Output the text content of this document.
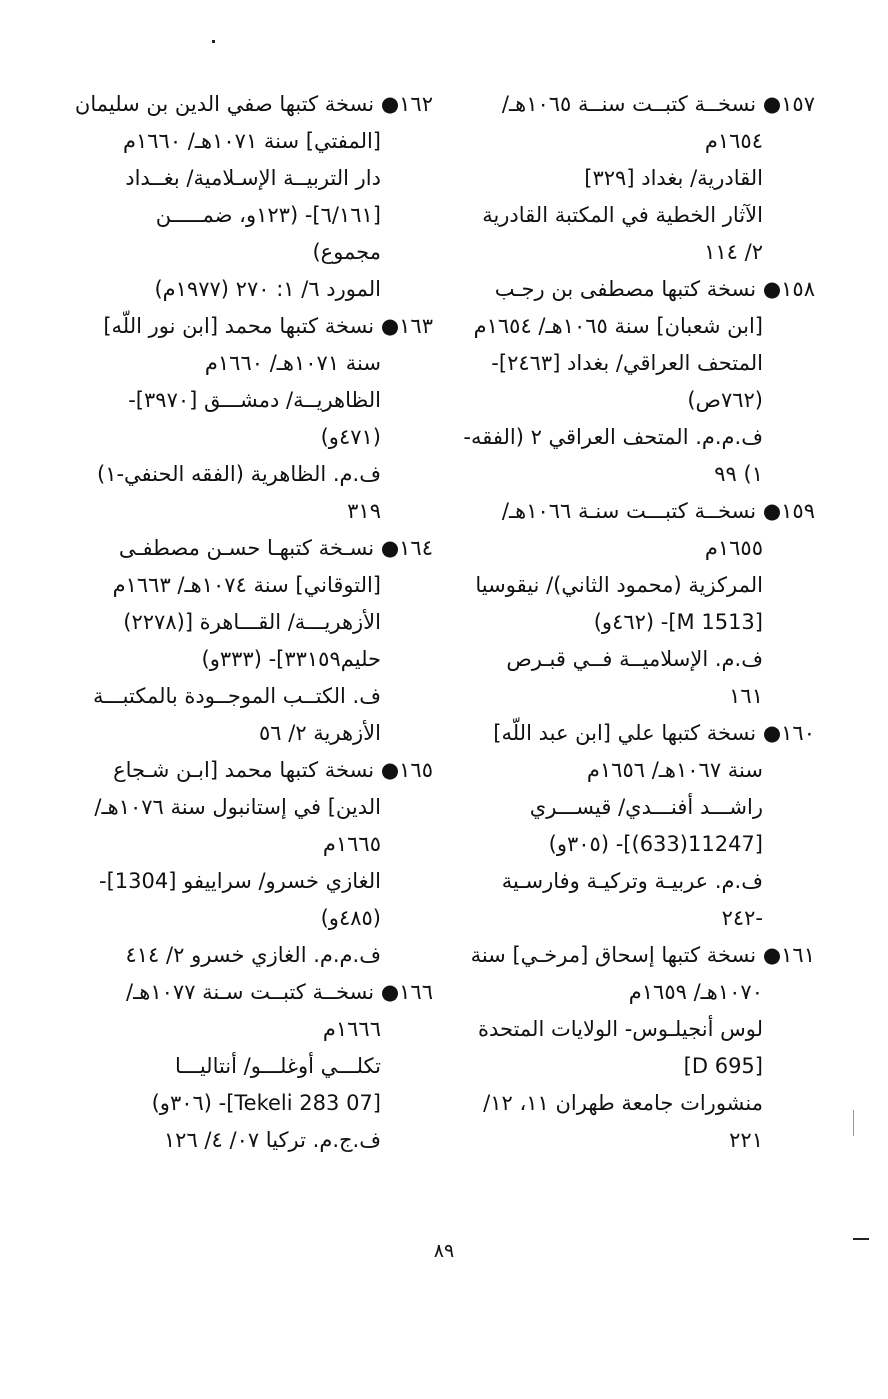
١٥٧● نسخــة كتبــت سنــة ١٠٦٥هـ/
١٦٥٤م
القادرية/ بغداد [٣٢٩]
الآثار الخطية في المكتبة القادرية
٢/ ١١٤
١٥٨● نسخة كتبها مصطفى بن رجـب
[ابن شعبان] سنة ١٠٦٥هـ/ ١٦٥٤م
المتحف العراقي/ بغداد [٢٤٦٣]-
(٧٦٢ص)
ف.م.م. المتحف العراقي ٢ (الفقه-
١) ٩٩
١٥٩● نسخــة كتبـــت سنـة ١٠٦٦هـ/
١٦٥٥م
المركزية (محمود الثاني)/ نيقوسيا
[M 1513]- (٤٦٢و)
ف.م. الإسلاميــة فــي قبـرص
١٦١
١٦٠● نسخة كتبها علي [ابن عبد اللّه]
سنة ١٠٦٧هـ/ ١٦٥٦م
راشـــد أفنـــدي/ قيســـري
[11247(633)]- (٣٠٥و)
ف.م. عربيـة وتركيـة وفارسـية
-٢٤٢
١٦١● نسخة كتبها إسحاق [مرخـي] سنة
١٠٧٠هـ/ ١٦٥٩م
لوس أنجيلـوس- الولايات المتحدة
[D 695]
منشورات جامعة طهران ١١، ١٢/
٢٢١
١٦٢● نسخة كتبها صفي الدين بن سليمان
[المفتي] سنة ١٠٧١هـ/ ١٦٦٠م
دار التربيــة الإسـلامية/ بغــداد
[٦/١٦١]- (١٢٣و، ضمـــــن
مجموع)
المورد ٦/ ١: ٢٧٠ (١٩٧٧م)
١٦٣● نسخة كتبها محمد [ابن نور اللّه]
سنة ١٠٧١هـ/ ١٦٦٠م
الظاهريــة/ دمشـــق [٣٩٧٠]-
(٤٧١و)
ف.م. الظاهرية (الفقه الحنفي-١)
٣١٩
١٦٤● نسـخة كتبهـا حسـن مصطفـى
[التوقاني] سنة ١٠٧٤هـ/ ١٦٦٣م
الأزهريـــة/ القـــاهرة [(٢٢٧٨)
حليم٣٣١٥٩]- (٣٣٣و)
ف. الكتــب الموجــودة بالمكتبـــة
الأزهرية ٢/ ٥٦
١٦٥● نسخة كتبها محمد [ابـن شـجاع
الدين] في إستانبول سنة ١٠٧٦هـ/
١٦٦٥م
الغازي خسرو/ سراييفو [1304]-
(٤٨٥و)
ف.م.م. الغازي خسرو ٢/ ٤١٤
١٦٦● نسخــة كتبــت سـنة ١٠٧٧هـ/
١٦٦٦م
تكلـــي أوغلـــو/ أنتاليـــا
[07 Tekeli 283]- (٣٠٦و)
ف.ج.م. تركيا ٠٧/ ٤/ ١٢٦
٨٩
